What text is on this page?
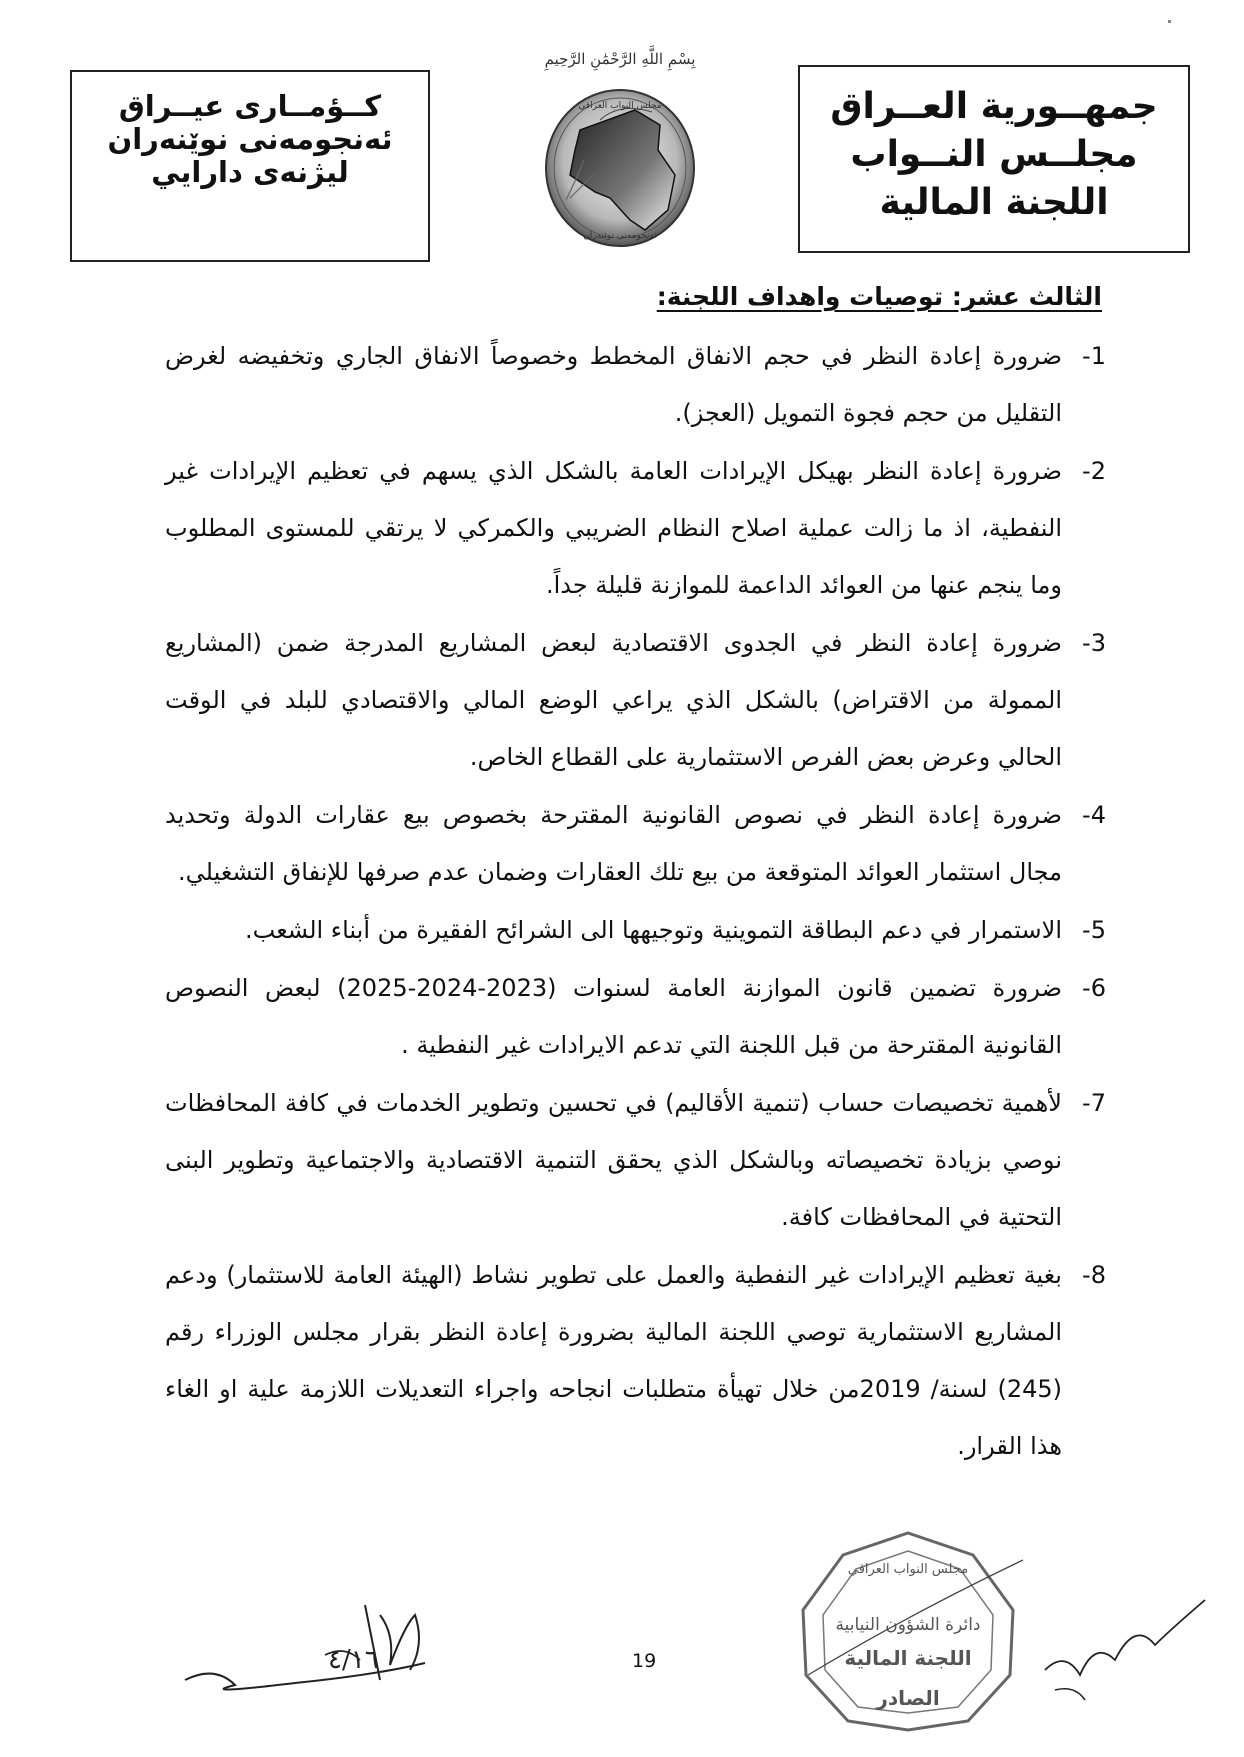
كــؤمــارى عيــراق
ئەنجومەنى نوێنەران
ليژنەى دارايي
بِسْمِ اللَّهِ الرَّحْمَٰنِ الرَّحِيمِ
مجلس النواب العراقي
ئەنجومەنی نوێنەران
جمهــورية العــراق
مجلــس النــواب
اللجنة المالية
الثالث عشر: توصيات واهداف اللجنة:
1-
ضرورة إعادة النظر في حجم الانفاق المخطط وخصوصاً الانفاق الجاري وتخفيضه لغرض التقليل من حجم فجوة التمويل (العجز).
2-
ضرورة إعادة النظر بهيكل الإيرادات العامة بالشكل الذي يسهم في تعظيم الإيرادات غير النفطية، اذ ما زالت عملية اصلاح النظام الضريبي والكمركي لا يرتقي للمستوى المطلوب وما ينجم عنها من العوائد الداعمة للموازنة قليلة جداً.
3-
ضرورة إعادة النظر في الجدوى الاقتصادية لبعض المشاريع المدرجة ضمن (المشاريع الممولة من الاقتراض) بالشكل الذي يراعي الوضع المالي والاقتصادي للبلد في الوقت الحالي وعرض بعض الفرص الاستثمارية على القطاع الخاص.
4-
ضرورة إعادة النظر في نصوص القانونية المقترحة بخصوص بيع عقارات الدولة وتحديد مجال استثمار العوائد المتوقعة من بيع تلك العقارات وضمان عدم صرفها للإنفاق التشغيلي.
5-
الاستمرار في دعم البطاقة التموينية وتوجيهها الى الشرائح الفقيرة من أبناء الشعب.
6-
ضرورة تضمين قانون الموازنة العامة لسنوات (2023-2024-2025) لبعض النصوص القانونية المقترحة من قبل اللجنة التي تدعم الايرادات غير النفطية .
7-
لأهمية تخصيصات حساب (تنمية الأقاليم) في تحسين وتطوير الخدمات في كافة المحافظات نوصي بزيادة تخصيصاته وبالشكل الذي يحقق التنمية الاقتصادية والاجتماعية وتطوير البنى التحتية في المحافظات كافة.
8-
بغية تعظيم الإيرادات غير النفطية والعمل على تطوير نشاط (الهيئة العامة للاستثمار) ودعم المشاريع الاستثمارية توصي اللجنة المالية بضرورة إعادة النظر بقرار مجلس الوزراء رقم (245) لسنة/ 2019من خلال تهيأة متطلبات انجاحه واجراء التعديلات اللازمة علية او الغاء هذا القرار.
٤/١٦	19
مجلس النواب العراقي
دائرة الشؤون النيابية
اللجنة المالية
الصادر
